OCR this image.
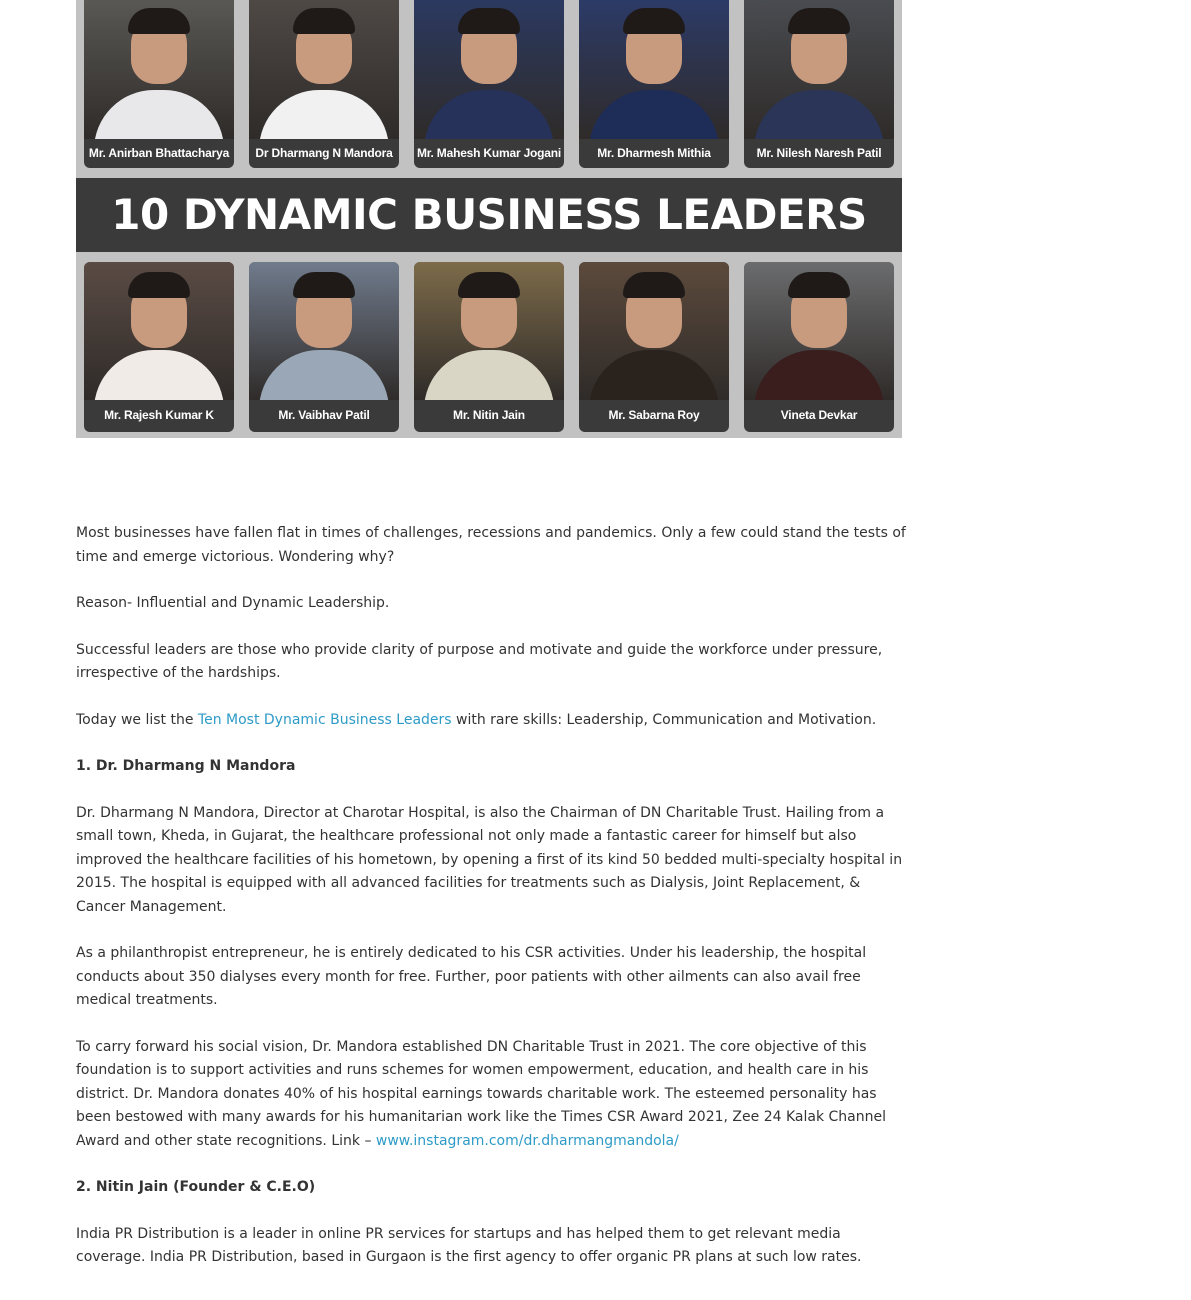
Mr. Anirban Bhattacharya	Dr Dharmang N Mandora	Mr. Mahesh Kumar Jogani	Mr. Dharmesh Mithia	Mr. Nilesh Naresh Patil
10 DYNAMIC BUSINESS LEADERS
Mr. Rajesh Kumar K	Mr. Vaibhav Patil	Mr. Nitin Jain	Mr. Sabarna Roy	Vineta Devkar

Most businesses have fallen flat in times of challenges, recessions and pandemics. Only a few could stand the tests of time and emerge victorious. Wondering why?

Reason- Influential and Dynamic Leadership.

Successful leaders are those who provide clarity of purpose and motivate and guide the workforce under pressure, irrespective of the hardships.

Today we list the Ten Most Dynamic Business Leaders with rare skills: Leadership, Communication and Motivation.

1. Dr. Dharmang N Mandora

Dr. Dharmang N Mandora, Director at Charotar Hospital, is also the Chairman of DN Charitable Trust. Hailing from a small town, Kheda, in Gujarat, the healthcare professional not only made a fantastic career for himself but also improved the healthcare facilities of his hometown, by opening a first of its kind 50 bedded multi-specialty hospital in 2015. The hospital is equipped with all advanced facilities for treatments such as Dialysis, Joint Replacement, & Cancer Management.

As a philanthropist entrepreneur, he is entirely dedicated to his CSR activities. Under his leadership, the hospital conducts about 350 dialyses every month for free. Further, poor patients with other ailments can also avail free medical treatments.

To carry forward his social vision, Dr. Mandora established DN Charitable Trust in 2021. The core objective of this foundation is to support activities and runs schemes for women empowerment, education, and health care in his district. Dr. Mandora donates 40% of his hospital earnings towards charitable work. The esteemed personality has been bestowed with many awards for his humanitarian work like the Times CSR Award 2021, Zee 24 Kalak Channel Award and other state recognitions. Link – www.instagram.com/dr.dharmangmandola/

2. Nitin Jain (Founder & C.E.O)

India PR Distribution is a leader in online PR services for startups and has helped them to get relevant media coverage. India PR Distribution, based in Gurgaon is the first agency to offer organic PR plans at such low rates.
